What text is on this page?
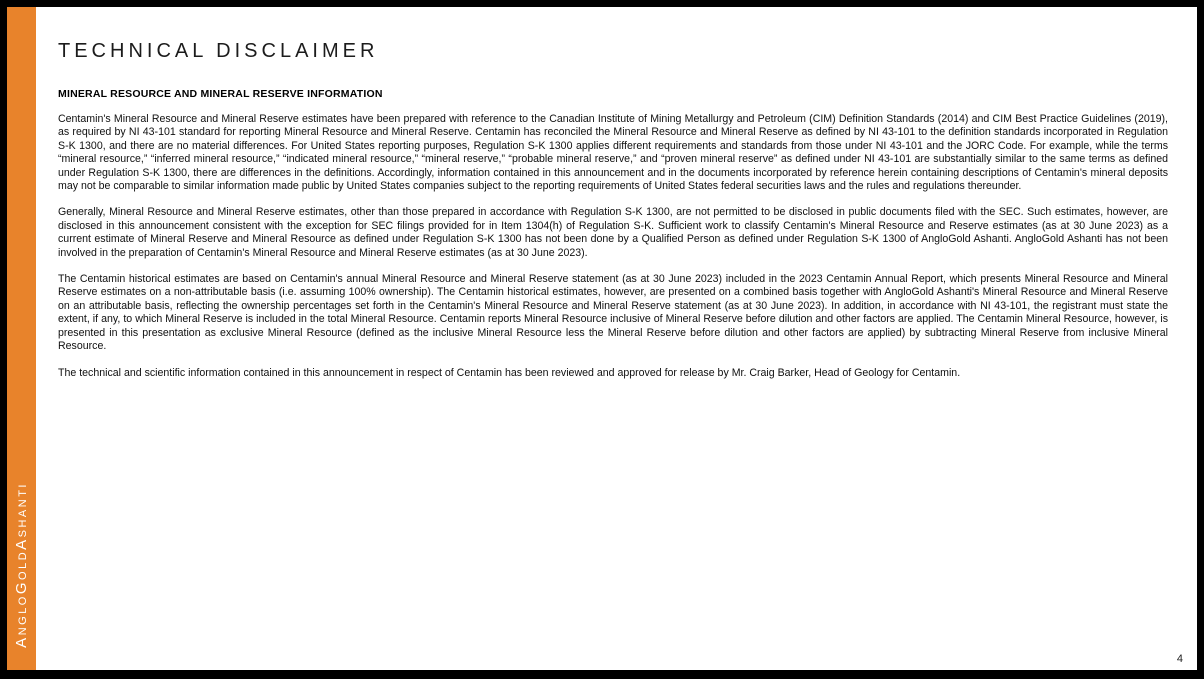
AngloGoldAshanti
TECHNICAL DISCLAIMER
MINERAL RESOURCE AND MINERAL RESERVE INFORMATION

Centamin's Mineral Resource and Mineral Reserve estimates have been prepared with reference to the Canadian Institute of Mining Metallurgy and Petroleum (CIM) Definition Standards (2014) and CIM Best Practice Guidelines (2019), as required by NI 43-101 standard for reporting Mineral Resource and Mineral Reserve. Centamin has reconciled the Mineral Resource and Mineral Reserve as defined by NI 43-101 to the definition standards incorporated in Regulation S-K 1300, and there are no material differences. For United States reporting purposes, Regulation S-K 1300 applies different requirements and standards from those under NI 43-101 and the JORC Code. For example, while the terms “mineral resource,” “inferred mineral resource,” “indicated mineral resource,” “mineral reserve,” “probable mineral reserve,” and “proven mineral reserve” as defined under NI 43-101 are substantially similar to the same terms as defined under Regulation S-K 1300, there are differences in the definitions. Accordingly, information contained in this announcement and in the documents incorporated by reference herein containing descriptions of Centamin's mineral deposits may not be comparable to similar information made public by United States companies subject to the reporting requirements of United States federal securities laws and the rules and regulations thereunder.

Generally, Mineral Resource and Mineral Reserve estimates, other than those prepared in accordance with Regulation S-K 1300, are not permitted to be disclosed in public documents filed with the SEC. Such estimates, however, are disclosed in this announcement consistent with the exception for SEC filings provided for in Item 1304(h) of Regulation S-K. Sufficient work to classify Centamin's Mineral Resource and Reserve estimates (as at 30 June 2023) as a current estimate of Mineral Reserve and Mineral Resource as defined under Regulation S-K 1300 has not been done by a Qualified Person as defined under Regulation S-K 1300 of AngloGold Ashanti. AngloGold Ashanti has not been involved in the preparation of Centamin's Mineral Resource and Mineral Reserve estimates (as at 30 June 2023).

The Centamin historical estimates are based on Centamin's annual Mineral Resource and Mineral Reserve statement (as at 30 June 2023) included in the 2023 Centamin Annual Report, which presents Mineral Resource and Mineral Reserve estimates on a non-attributable basis (i.e. assuming 100% ownership). The Centamin historical estimates, however, are presented on a combined basis together with AngloGold Ashanti's Mineral Resource and Mineral Reserve on an attributable basis, reflecting the ownership percentages set forth in the Centamin's Mineral Resource and Mineral Reserve statement (as at 30 June 2023). In addition, in accordance with NI 43-101, the registrant must state the extent, if any, to which Mineral Reserve is included in the total Mineral Resource. Centamin reports Mineral Resource inclusive of Mineral Reserve before dilution and other factors are applied. The Centamin Mineral Resource, however, is presented in this presentation as exclusive Mineral Resource (defined as the inclusive Mineral Resource less the Mineral Reserve before dilution and other factors are applied) by subtracting Mineral Reserve from inclusive Mineral Resource.

The technical and scientific information contained in this announcement in respect of Centamin has been reviewed and approved for release by Mr. Craig Barker, Head of Geology for Centamin.

4
